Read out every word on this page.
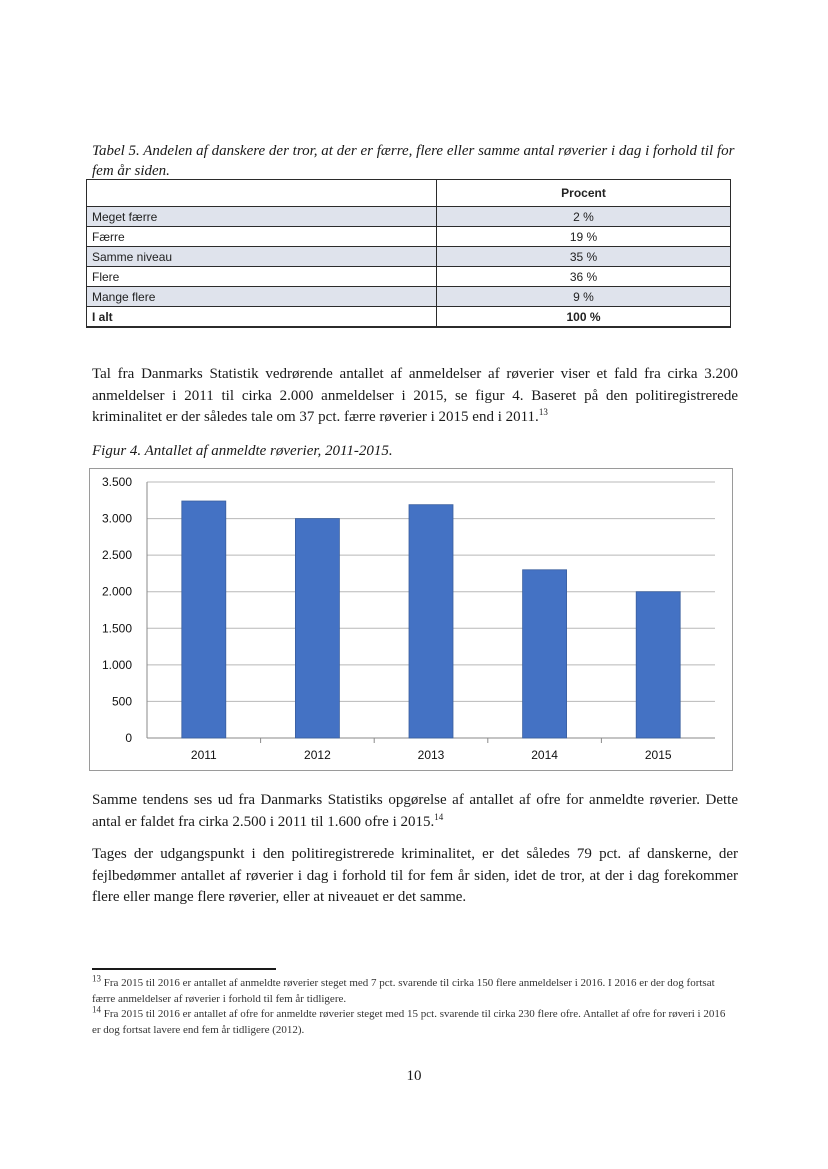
Tabel 5. Andelen af danskere der tror, at der er færre, flere eller samme antal røverier i dag i forhold til for fem år siden.
	Procent
Meget færre	2 %
Færre	19 %
Samme niveau	35 %
Flere	36 %
Mange flere	9 %
I alt	100 %
Tal fra Danmarks Statistik vedrørende antallet af anmeldelser af røverier viser et fald fra cirka 3.200 anmeldelser i 2011 til cirka 2.000 anmeldelser i 2015, se figur 4. Baseret på den politiregistrerede kriminalitet er der således tale om 37 pct. færre røverier i 2015 end i 2011.13
Figur 4. Antallet af anmeldte røverier, 2011-2015.
0
500
1.000
1.500
2.000
2.500
3.000
3.500
2011	2012	2013	2014	2015
Samme tendens ses ud fra Danmarks Statistiks opgørelse af antallet af ofre for anmeldte røverier. Dette antal er faldet fra cirka 2.500 i 2011 til 1.600 ofre i 2015.14
Tages der udgangspunkt i den politiregistrerede kriminalitet, er det således 79 pct. af danskerne, der fejlbedømmer antallet af røverier i dag i forhold til for fem år siden, idet de tror, at der i dag forekommer flere eller mange flere røverier, eller at niveauet er det samme.
$^{13}$ Fra 2015 til 2016 er antallet af anmeldte røverier steget med 7 pct. svarende til cirka 150 flere anmeldelser i 2016. I 2016 er der dog fortsat færre anmeldelser af røverier i forhold til fem år tidligere.
$^{14}$ Fra 2015 til 2016 er antallet af ofre for anmeldte røverier steget med 15 pct. svarende til cirka 230 flere ofre. Antallet af ofre for røveri i 2016 er dog fortsat lavere end fem år tidligere (2012).
10
